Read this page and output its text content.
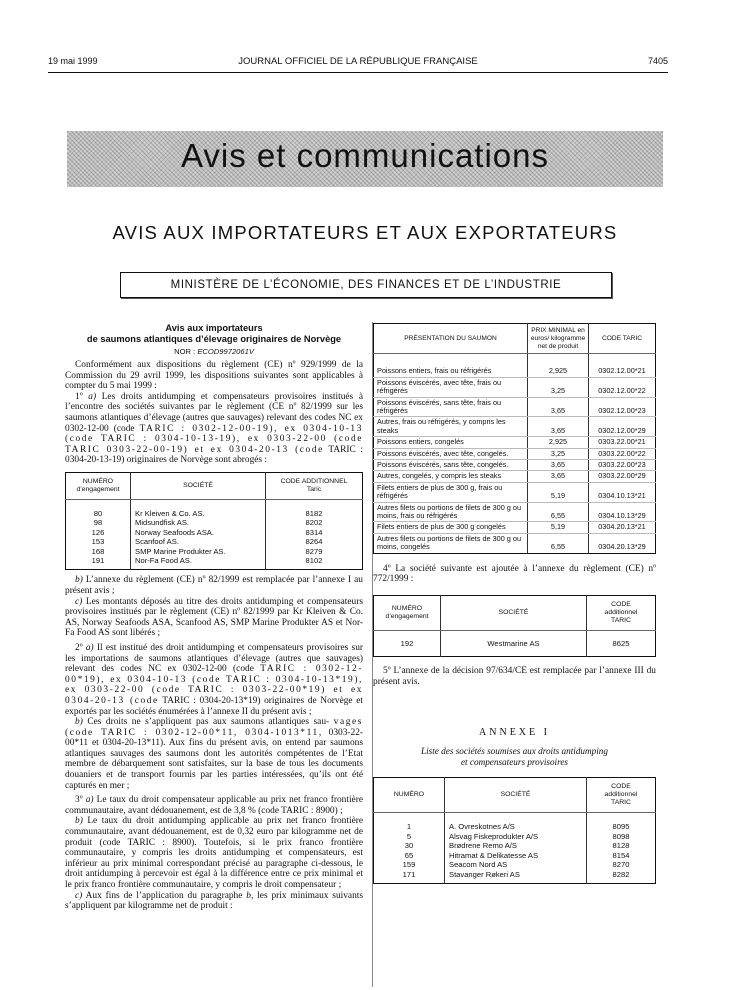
19 mai 1999	JOURNAL OFFICIEL DE LA RÉPUBLIQUE FRANÇAISE	7405
Avis et communications
AVIS AUX IMPORTATEURS ET AUX EXPORTATEURS
MINISTÈRE DE L’ÉCONOMIE, DES FINANCES ET DE L’INDUSTRIE
Avis aux importateurs
de saumons atlantiques d’élevage originaires de Norvège
NOR : ECOD9972061V

Conformément aux dispositions du règlement (CE) nº 929/1999 de la Commission du 29 avril 1999, les dispositions suivantes sont applicables à compter du 5 mai 1999 :

1º a) Les droits antidumping et compensateurs provisoires institués à l’encontre des sociétés suivantes par le règlement (CE nº 82/1999 sur les saumons atlantiques d’élevage (autres que sauvages) relevant des codes NC ex 0302-12-00 (code TARIC : 0302-12-00-19), ex 0304-10-13 (code TARIC : 0304-10-13-19), ex 0303-22-00 (code TARIC 0303-22-00-19) et ex 0304-20-13 (code TARIC : 0304-20-13-19) originaires de Norvège sont abrogés :

NUMÉRO
d’engagement	SOCIÉTÉ	CODE ADDITIONNEL
Taric
80	Kr Kleiven & Co. AS.	8182
98	Midsundfisk AS.	8202
126	Norway Seafoods ASA.	8314
153	Scanfoof AS.	8264
168	SMP Marine Produkter AS.	8279
191	Nor-Fa Food AS.	8102

b) L’annexe du règlement (CE) nº 82/1999 est remplacée par l’annexe I au présent avis ;

c) Les montants déposés au titre des droits antidumping et compensateurs provisoires institués par le règlement (CE) nº 82/1999 par Kr Kleiven & Co. AS, Norway Seafoods ASA, Scanfood AS, SMP Marine Produkter AS et Nor-Fa Food AS sont libérés ;

2º a) Il est institué des droit antidumping et compensateurs provisoires sur les importations de saumons atlantiques d’élevage (autres que sauvages) relevant des codes NC ex 0302-12-00 (code TARIC : 0302-12-00*19), ex 0304-10-13 (code TARIC : 0304-10-13*19), ex 0303-22-00 (code TARIC : 0303-22-00*19) et ex 0304-20-13 (code TARIC : 0304-20-13*19) originaires de Norvège et exportés par les sociétés énumérées à l’annexe II du présent avis ;

b) Ces droits ne s’appliquent pas aux saumons atlantiques sau- vages (code TARIC : 0302-12-00*11, 0304-1013*11, 0303-22-00*11 et 0304-20-13*11). Aux fins du présent avis, on entend par saumons atlantiques sauvages des saumons dont les autorités compétentes de l’Etat membre de débarquement sont satisfaites, sur la base de tous les documents douaniers et de transport fournis par les parties intéressées, qu’ils ont été capturés en mer ;

3º a) Le taux du droit compensateur applicable au prix net franco frontière communautaire, avant dédouanement, est de 3,8 % (code TARIC : 8900) ;

b) Le taux du droit antidumping applicable au prix net franco frontière communautaire, avant dédouanement, est de 0,32 euro par kilogramme net de produit (code TARIC : 8900). Toutefois, si le prix franco frontière communautaire, y compris les droits antidumping et compensateurs, est inférieur au prix minimal correspondant précisé au paragraphe ci-dessous, le droit antidumping à percevoir est égal à la différence entre ce prix minimal et le prix franco frontière communautaire, y compris le droit compensateur ;

c) Aux fins de l’application du paragraphe b, les prix minimaux suivants s’appliquent par kilogramme net de produit :

PRÉSENTATION DU SAUMON	PRIX MINIMAL en euros/ kilogramme net de produit	CODE TARIC
Poissons entiers, frais ou réfrigérés	2,925	0302.12.00*21
Poissons éviscérés, avec tête, frais ou réfrigérés	3,25	0302.12.00*22
Poissons éviscérés, sans tête, frais ou réfrigérés	3,65	0302.12.00*23
Autres, frais ou réfrigérés, y compris les steaks	3,65	0302.12.00*29
Poissons entiers, congelés	2,925	0303.22.00*21
Poissons éviscérés, avec tête, congelés.	3,25	0303.22.00*22
Poissons éviscérés, sans tête, congelés.	3,65	0303.22.00*23
Autres, congelés, y compris les steaks	3,65	0303.22.00*29
Filets entiers de plus de 300 g, frais ou réfrigérés	5,19	0304.10.13*21
Autres filets ou portions de filets de 300 g ou moins, frais ou réfrigérés	6,55	0304.10.13*29
Filets entiers de plus de 300 g congelés	5,19	0304.20.13*21
Autres filets ou portions de filets de 300 g ou moins, congelés	6,55	0304.20.13*29

4º La société suivante est ajoutée à l’annexe du règlement (CE) nº 772/1999 :

NUMÉRO
d’engagement	SOCIÉTÉ	CODE
additionnel
TARIC
192	Westmarine AS	8625

5º L’annexe de la décision 97/634/CE est remplacée par l’annexe III du présent avis.

ANNEXE I
Liste des sociétés soumises aux droits antidumping
et compensateurs provisoires
NUMÉRO	SOCIÉTÉ	CODE
additionnel
TARIC
1	A. Ovreskotnes A/S	8095
5	Alsvag Fiskeprodukter A/S	8098
30	Brødrene Remo A/S	8128
65	Hitramat & Delikatesse AS	8154
159	Seacom Nord AS	8270
171	Stavanger Røkeri AS	8282
